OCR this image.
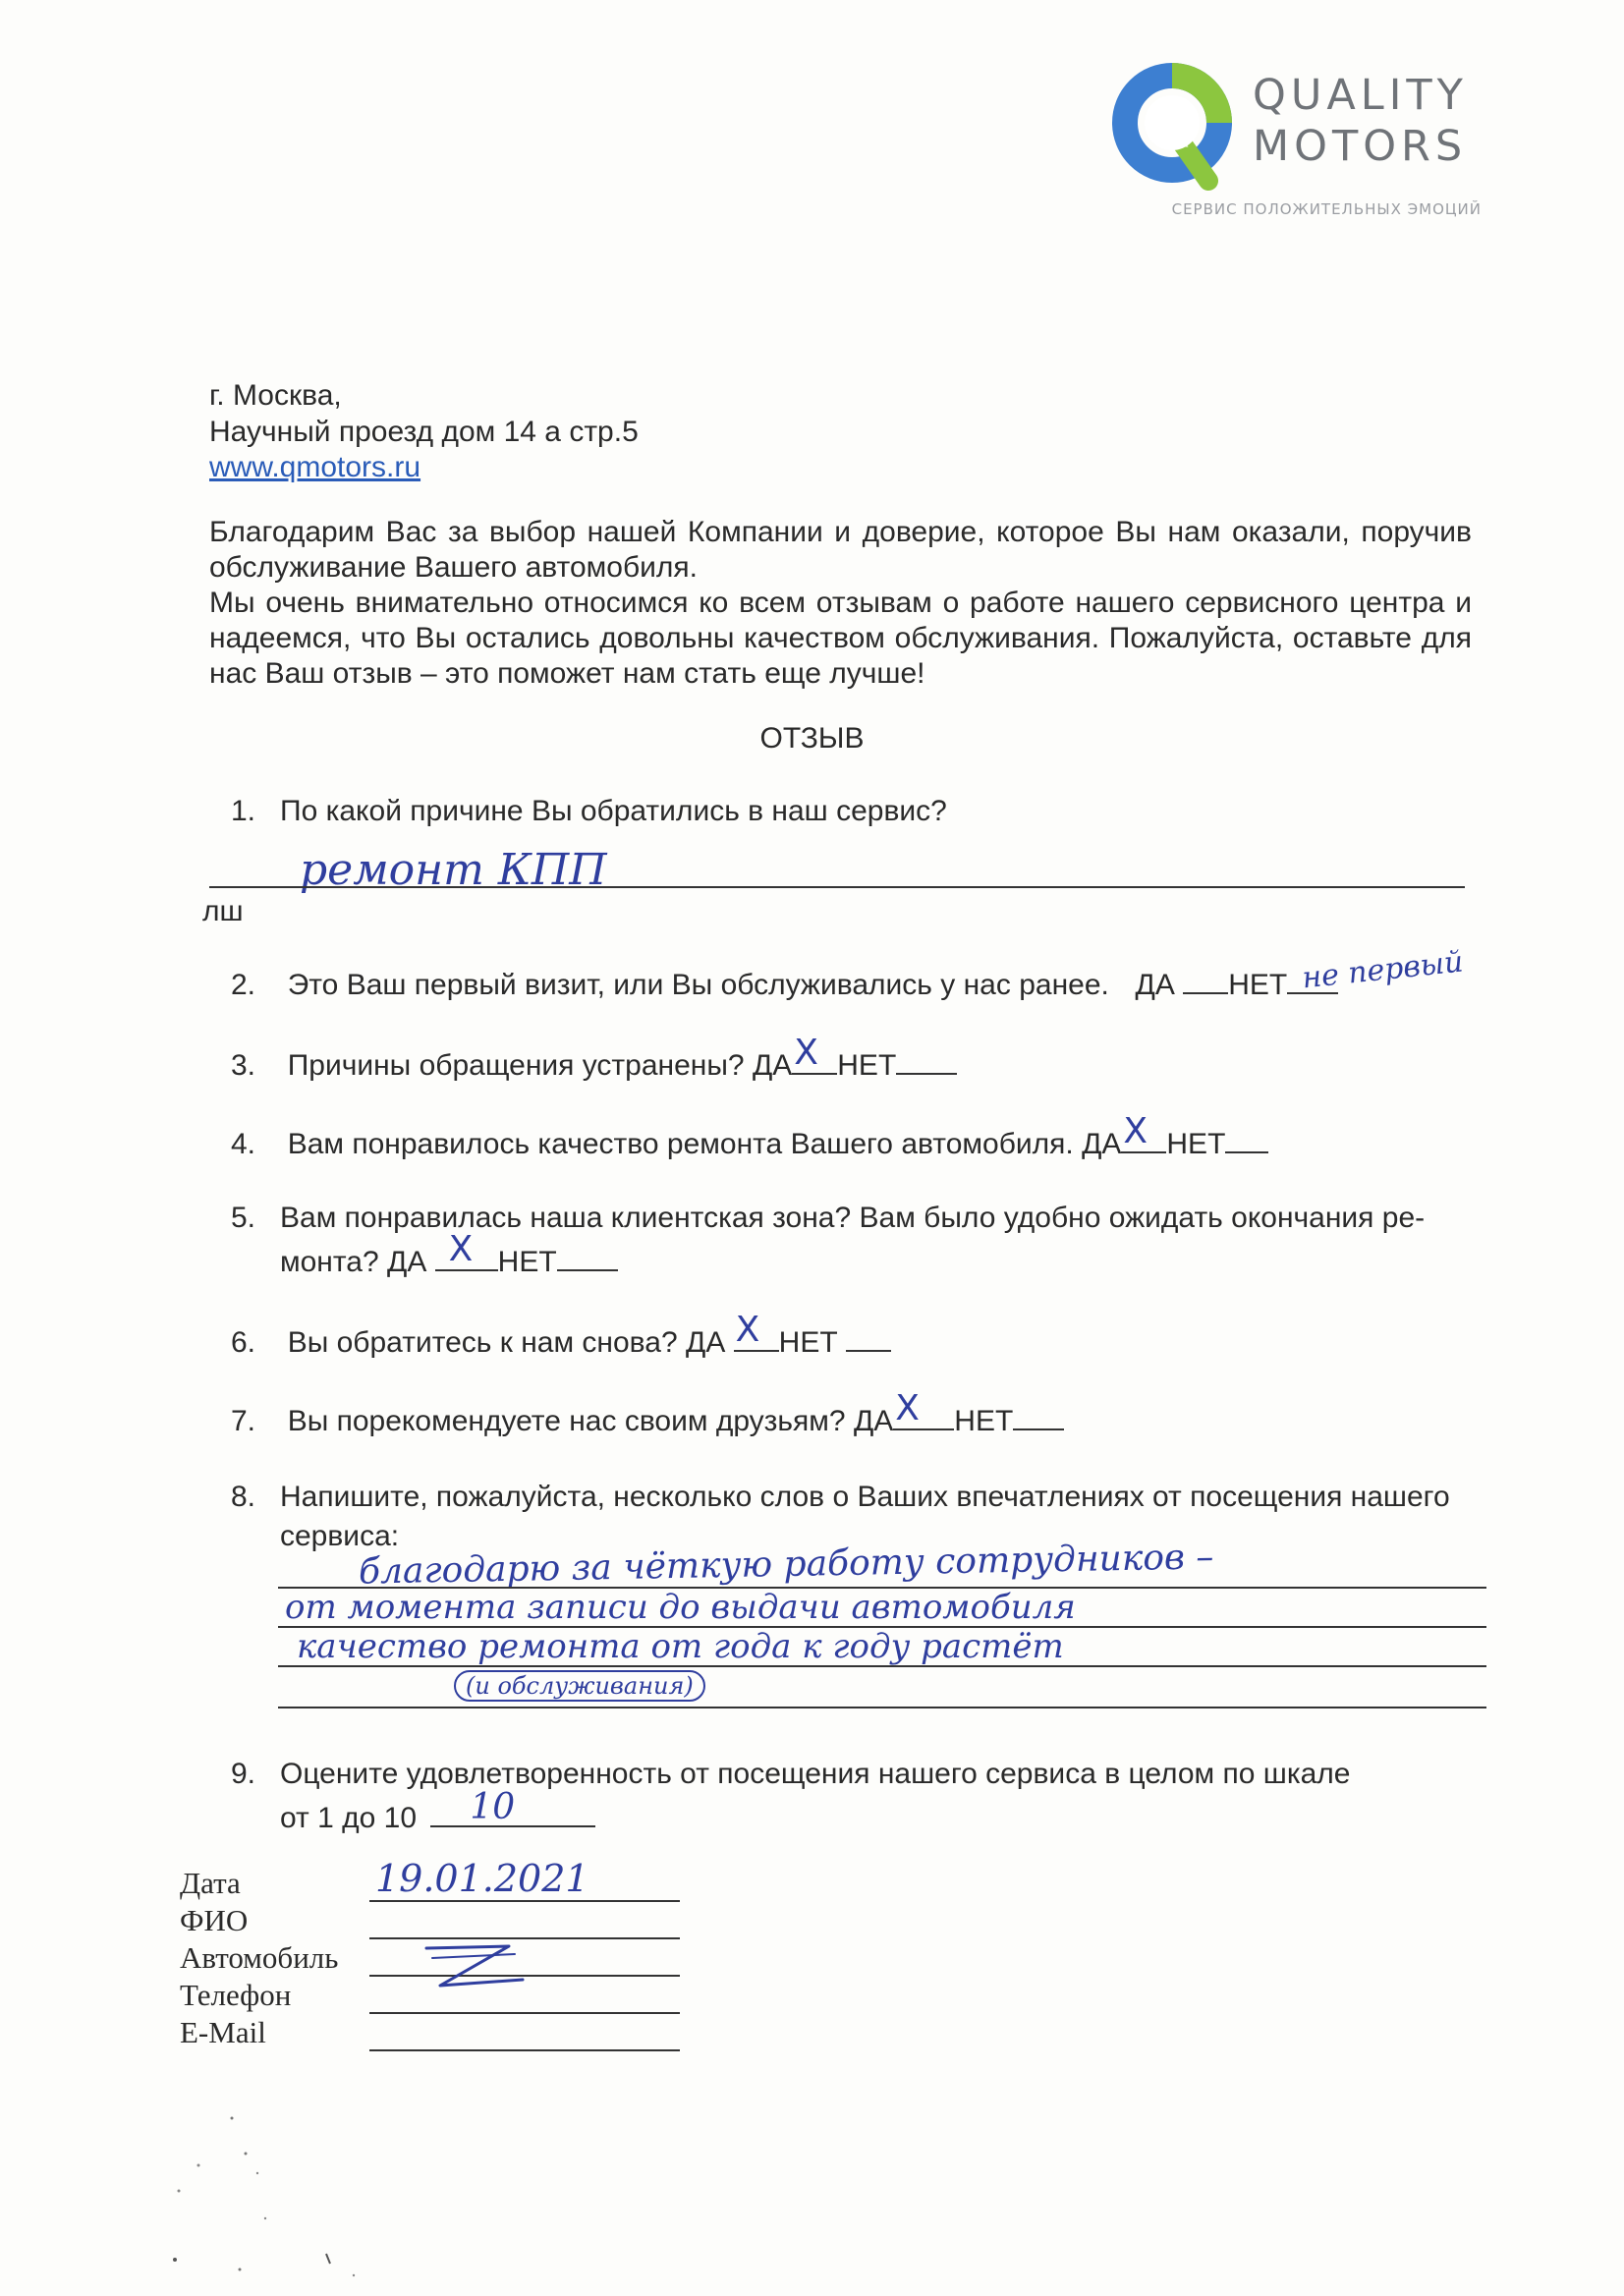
Q QUALITY
MOTORS
СЕРВИС ПОЛОЖИТЕЛЬНЫХ ЭМОЦИЙ
г. Москва,
Научный проезд дом 14 а стр.5
www.qmotors.ru
Благодарим Вас за выбор нашей Компании и доверие, которое Вы нам оказали, поручив обслуживание Вашего автомобиля.
Мы очень внимательно относимся ко всем отзывам о работе нашего сервисного центра и надеемся, что Вы остались довольны качеством обслуживания. Пожалуйста, оставьте для нас Ваш отзыв – это поможет нам стать еще лучше!
ОТЗЫВ
1. По какой причине Вы обратились в наш сервис?
ремонт КПП
лш
2. Это Ваш первый визит, или Вы обслуживались у нас ранее. ДА НЕТ не первый
3. Причины обращения устранены? ДА X НЕТ
4. Вам понравилось качество ремонта Вашего автомобиля. ДА X НЕТ
5. Вам понравилась наша клиентская зона? Вам было удобно ожидать окончания ре-
монта? ДА X НЕТ
6. Вы обратитесь к нам снова? ДА X НЕТ
7. Вы порекомендуете нас своим друзьям? ДА X НЕТ
8. Напишите, пожалуйста, несколько слов о Ваших впечатлениях от посещения нашего
сервиса:
благодарю за чёткую работу сотрудников –
от момента записи до выдачи автомобиля
качество ремонта от года к году растёт
(и обслуживания)
9. Оцените удовлетворенность от посещения нашего сервиса в целом по шкале
от 1 до 10 10
Дата
ФИО
Автомобиль
Телефон
E-Mail
19.01.2021
